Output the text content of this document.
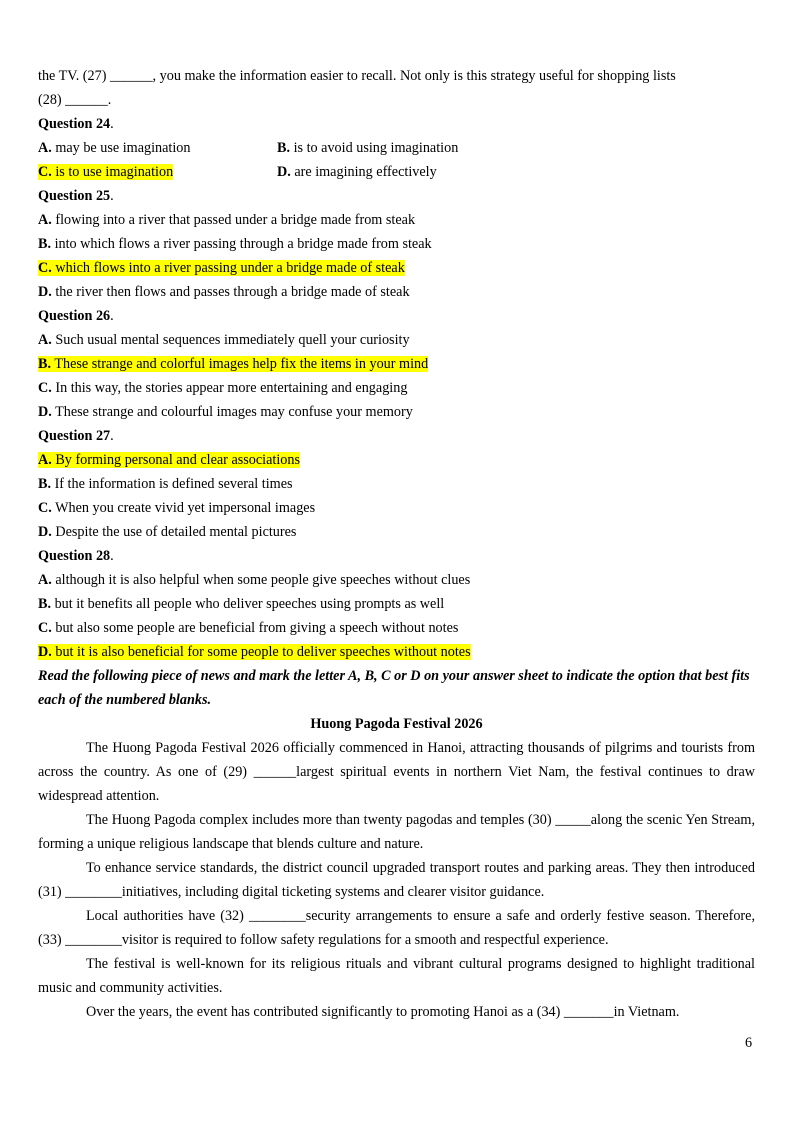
the TV. (27) ______, you make the information easier to recall. Not only is this strategy useful for shopping lists
(28) ______.
Question 24.
A. may be use imagination	B. is to avoid using imagination
C. is to use imagination	D. are imagining effectively
Question 25.
A. flowing into a river that passed under a bridge made from steak
B. into which flows a river passing through a bridge made from steak
C. which flows into a river passing under a bridge made of steak
D. the river then flows and passes through a bridge made of steak
Question 26.
A. Such usual mental sequences immediately quell your curiosity
B. These strange and colorful images help fix the items in your mind
C. In this way, the stories appear more entertaining and engaging
D. These strange and colourful images may confuse your memory
Question 27.
A. By forming personal and clear associations
B. If the information is defined several times
C. When you create vivid yet impersonal images
D. Despite the use of detailed mental pictures
Question 28.
A. although it is also helpful when some people give speeches without clues
B. but it benefits all people who deliver speeches using prompts as well
C. but also some people are beneficial from giving a speech without notes
D. but it is also beneficial for some people to deliver speeches without notes
Read the following piece of news and mark the letter A, B, C or D on your answer sheet to indicate the option that best fits each of the numbered blanks.
Huong Pagoda Festival 2026
The Huong Pagoda Festival 2026 officially commenced in Hanoi, attracting thousands of pilgrims and tourists from across the country. As one of (29) ______largest spiritual events in northern Viet Nam, the festival continues to draw widespread attention.
The Huong Pagoda complex includes more than twenty pagodas and temples (30) _____along the scenic Yen Stream, forming a unique religious landscape that blends culture and nature.
To enhance service standards, the district council upgraded transport routes and parking areas. They then introduced (31) ________initiatives, including digital ticketing systems and clearer visitor guidance.
Local authorities have (32) ________security arrangements to ensure a safe and orderly festive season. Therefore, (33) ________visitor is required to follow safety regulations for a smooth and respectful experience.
The festival is well-known for its religious rituals and vibrant cultural programs designed to highlight traditional music and community activities.
Over the years, the event has contributed significantly to promoting Hanoi as a (34) _______in Vietnam.
6
